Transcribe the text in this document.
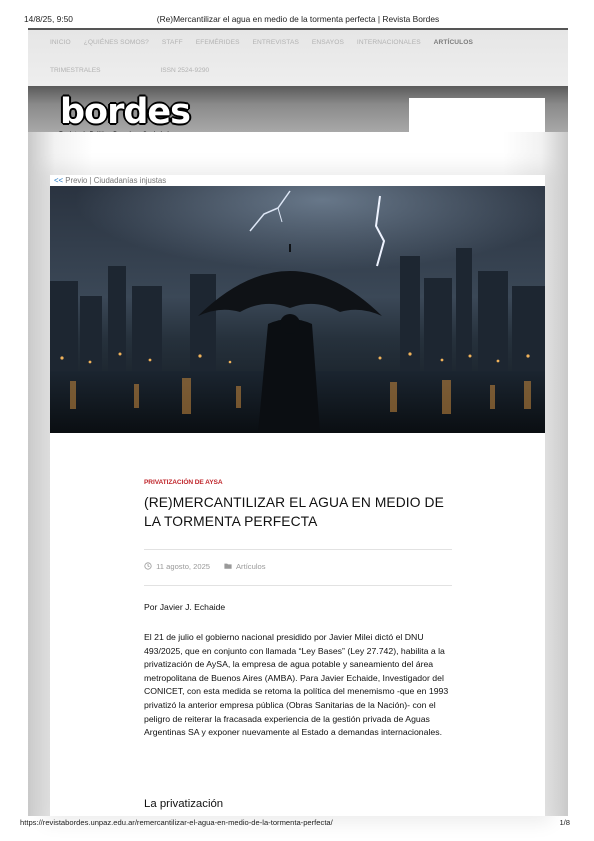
14/8/25, 9:50	(Re)Mercantilizar el agua en medio de la tormenta perfecta | Revista Bordes
INICIO ¿QUIÉNES SOMOS? STAFF EFEMÉRIDES ENTREVISTAS ENSAYOS INTERNACIONALES ARTÍCULOS
TRIMESTRALES	ISSN 2524-9290
bordes
<< Previo | Ciudadanías injustas
PRIVATIZACIÓN DE AYSA
(RE)MERCANTILIZAR EL AGUA EN MEDIO DE LA TORMENTA PERFECTA
11 agosto, 2025	Artículos
Por Javier J. Echaide
El 21 de julio el gobierno nacional presidido por Javier Milei dictó el DNU 493/2025, que en conjunto con llamada “Ley Bases” (Ley 27.742), habilita a la privatización de AySA, la empresa de agua potable y saneamiento del área metropolitana de Buenos Aires (AMBA). Para Javier Echaide, Investigador del CONICET, con esta medida se retoma la política del menemismo -que en 1993 privatizó la anterior empresa pública (Obras Sanitarias de la Nación)- con el peligro de reiterar la fracasada experiencia de la gestión privada de Aguas Argentinas SA y exponer nuevamente al Estado a demandas internacionales.
La privatización
https://revistabordes.unpaz.edu.ar/remercantilizar-el-agua-en-medio-de-la-tormenta-perfecta/	1/8
